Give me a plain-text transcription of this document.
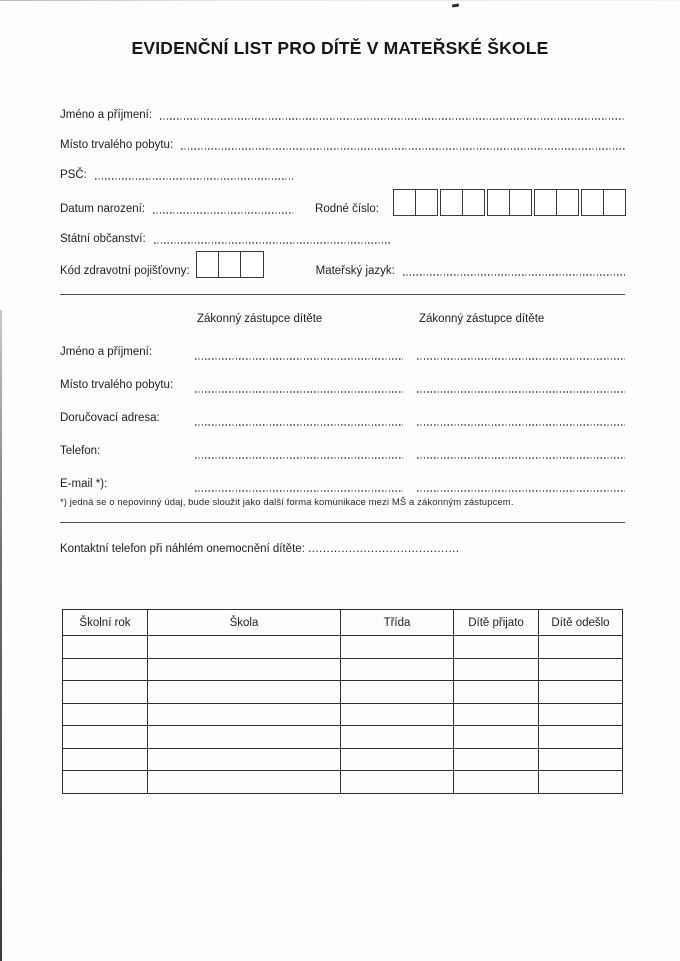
EVIDENČNÍ LIST PRO DÍTĚ V MATEŘSKÉ ŠKOLE
Jméno a příjmení:
Místo trvalého pobytu:
PSČ:
Datum narození:	Rodné číslo:
Státní občanství:
Kód zdravotní pojišťovny:	Mateřský jazyk:
Zákonný zástupce dítěte	Zákonný zástupce dítěte
Jméno a příjmení:
Místo trvalého pobytu:
Doručovací adresa:
Telefon:
E-mail *):
*) jedná se o nepovinný údaj, bude sloužit jako další forma komunikace mezi MŠ a zákonným zástupcem.
Kontaktní telefon při náhlém onemocnění dítěte: .........................................
Školní rok	Škola	Třída	Dítě přijato	Dítě odešlo
